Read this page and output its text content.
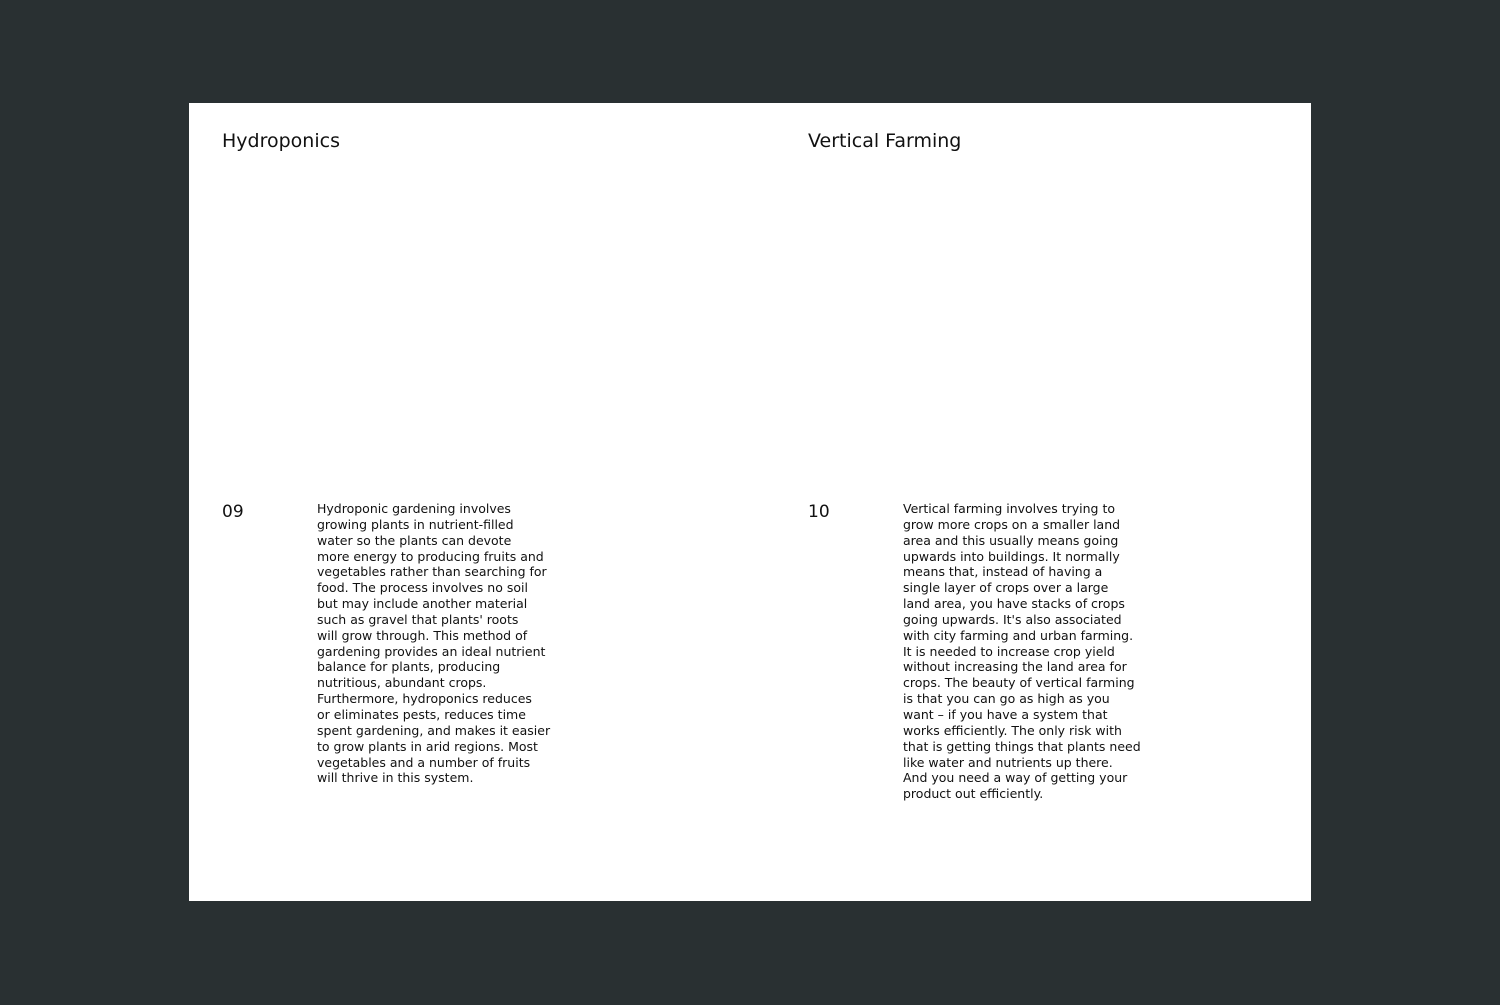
Hydroponics
09	Hydroponic gardening involves
growing plants in nutrient-filled
water so the plants can devote
more energy to producing fruits and
vegetables rather than searching for
food. The process involves no soil
but may include another material
such as gravel that plants' roots
will grow through. This method of
gardening provides an ideal nutrient
balance for plants, producing
nutritious, abundant crops.
Furthermore, hydroponics reduces
or eliminates pests, reduces time
spent gardening, and makes it easier
to grow plants in arid regions. Most
vegetables and a number of fruits
will thrive in this system.

Vertical Farming
10	Vertical farming involves trying to
grow more crops on a smaller land
area and this usually means going
upwards into buildings. It normally
means that, instead of having a
single layer of crops over a large
land area, you have stacks of crops
going upwards. It's also associated
with city farming and urban farming.
It is needed to increase crop yield
without increasing the land area for
crops. The beauty of vertical farming
is that you can go as high as you
want – if you have a system that
works efficiently. The only risk with
that is getting things that plants need
like water and nutrients up there.
And you need a way of getting your
product out efficiently.
